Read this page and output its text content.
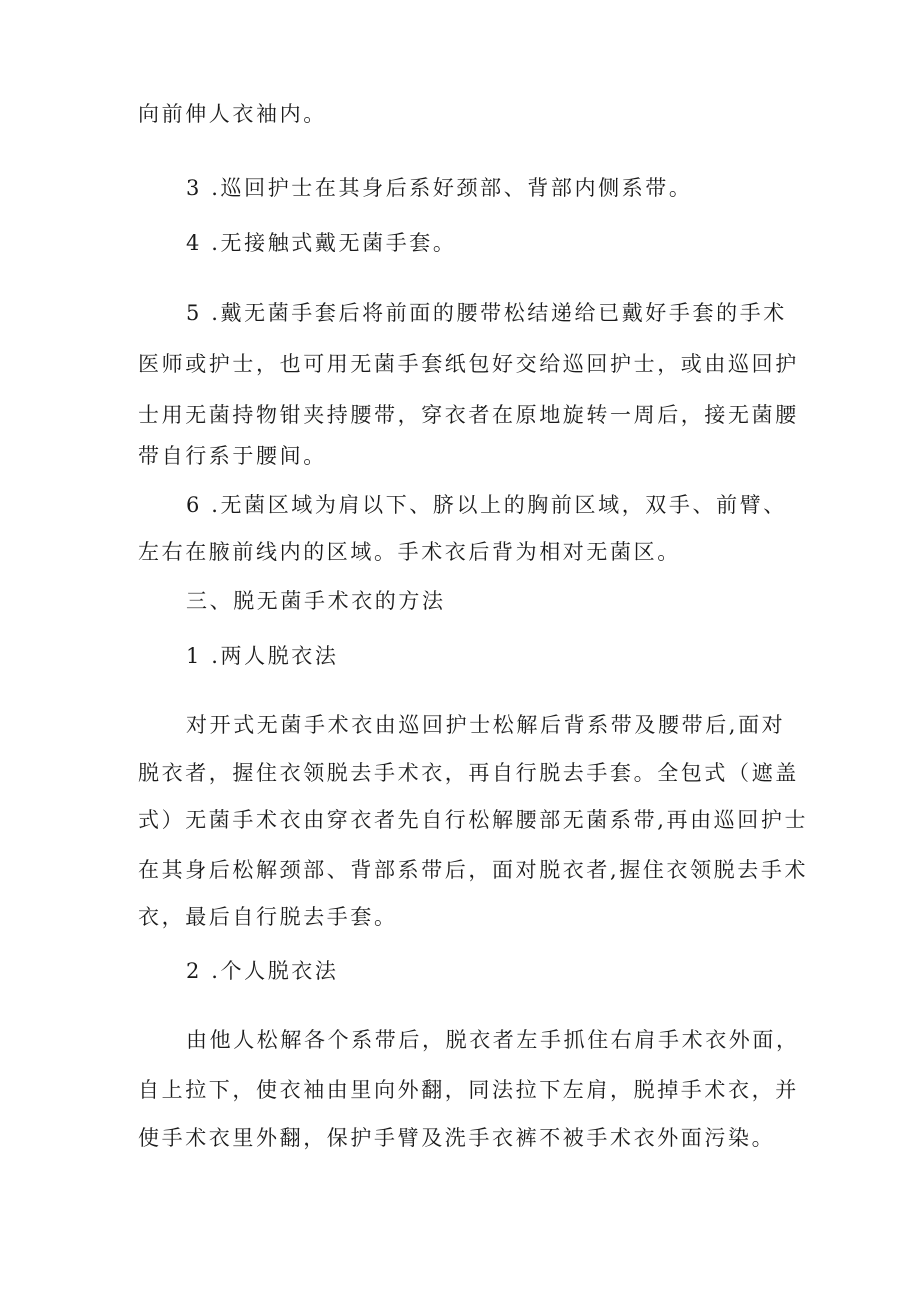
向前伸人衣袖内。
3 .巡回护士在其身后系好颈部、背部内侧系带。
4 .无接触式戴无菌手套。
5 .戴无菌手套后将前面的腰带松结递给已戴好手套的手术
医师或护士，也可用无菌手套纸包好交给巡回护士，或由巡回护
士用无菌持物钳夹持腰带，穿衣者在原地旋转一周后，接无菌腰
带自行系于腰间。
6 .无菌区域为肩以下、脐以上的胸前区域，双手、前臂、
左右在腋前线内的区域。手术衣后背为相对无菌区。
三、脱无菌手术衣的方法
1 .两人脱衣法
对开式无菌手术衣由巡回护士松解后背系带及腰带后,面对
脱衣者，握住衣领脱去手术衣，再自行脱去手套。全包式（遮盖
式）无菌手术衣由穿衣者先自行松解腰部无菌系带,再由巡回护士
在其身后松解颈部、背部系带后，面对脱衣者,握住衣领脱去手术
衣，最后自行脱去手套。
2 .个人脱衣法
由他人松解各个系带后，脱衣者左手抓住右肩手术衣外面，
自上拉下，使衣袖由里向外翻，同法拉下左肩，脱掉手术衣，并
使手术衣里外翻，保护手臂及洗手衣裤不被手术衣外面污染。
